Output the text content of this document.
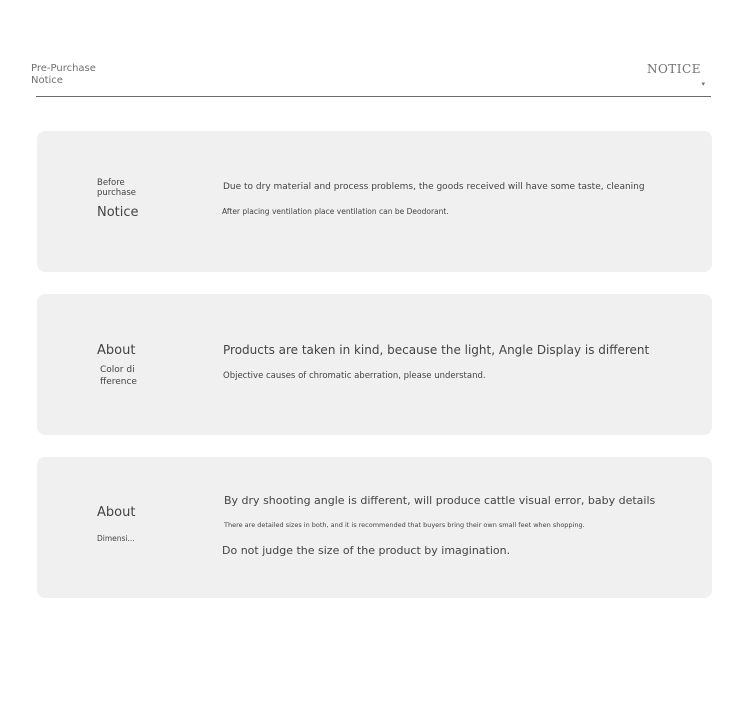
Pre-Purchase
Notice
NOTICE
▾
Before
purchase
Notice
Due to dry material and process problems, the goods received will have some taste, cleaning
After placing ventilation place ventilation can be Deodorant.
About
Color di
fference
Products are taken in kind, because the light, Angle Display is different
Objective causes of chromatic aberration, please understand.
About
Dimensi...
By dry shooting angle is different, will produce cattle visual error, baby details
There are detailed sizes in both, and it is recommended that buyers bring their own small feet when shopping.
Do not judge the size of the product by imagination.
